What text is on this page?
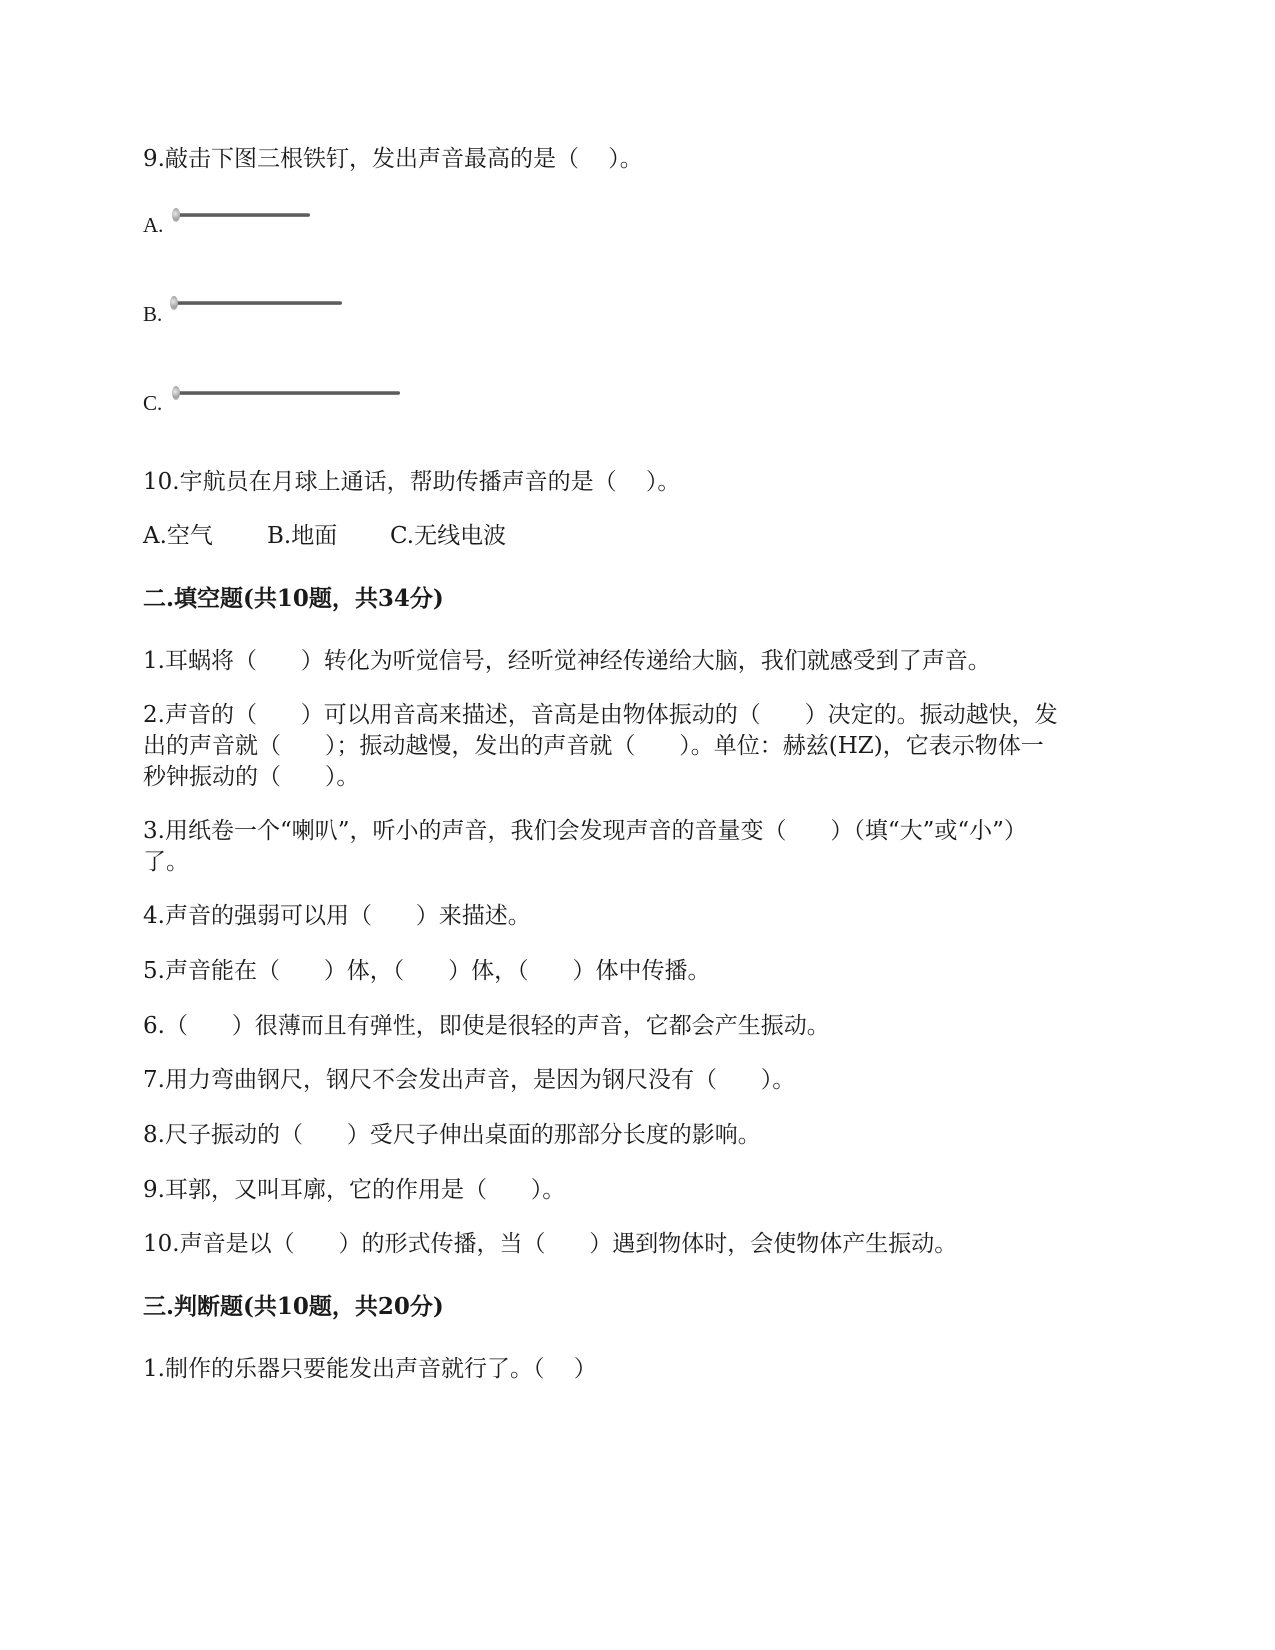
9.敲击下图三根铁钉，发出声音最高的是（    ）。
A.
B.
C.
10.宇航员在月球上通话，帮助传播声音的是（    ）。
A.空气 B.地面 C.无线电波
二.填空题(共10题，共34分)
1.耳蜗将（      ）转化为听觉信号，经听觉神经传递给大脑，我们就感受到了声音。
2.声音的（      ）可以用音高来描述，音高是由物体振动的（      ）决定的。振动越快，发
出的声音就（      ）；振动越慢，发出的声音就（      ）。单位：赫兹(HZ)，它表示物体一
秒钟振动的（      ）。
3.用纸卷一个“喇叭”，听小的声音，我们会发现声音的音量变（      ）（填“大”或“小”）
了。
4.声音的强弱可以用（      ）来描述。
5.声音能在（      ）体，（      ）体，（      ）体中传播。
6.（      ）很薄而且有弹性，即使是很轻的声音，它都会产生振动。
7.用力弯曲钢尺，钢尺不会发出声音，是因为钢尺没有（      ）。
8.尺子振动的（      ）受尺子伸出桌面的那部分长度的影响。
9.耳郭，又叫耳廓，它的作用是（      ）。
10.声音是以（      ）的形式传播，当（      ）遇到物体时，会使物体产生振动。
三.判断题(共10题，共20分)
1.制作的乐器只要能发出声音就行了。（    ）
